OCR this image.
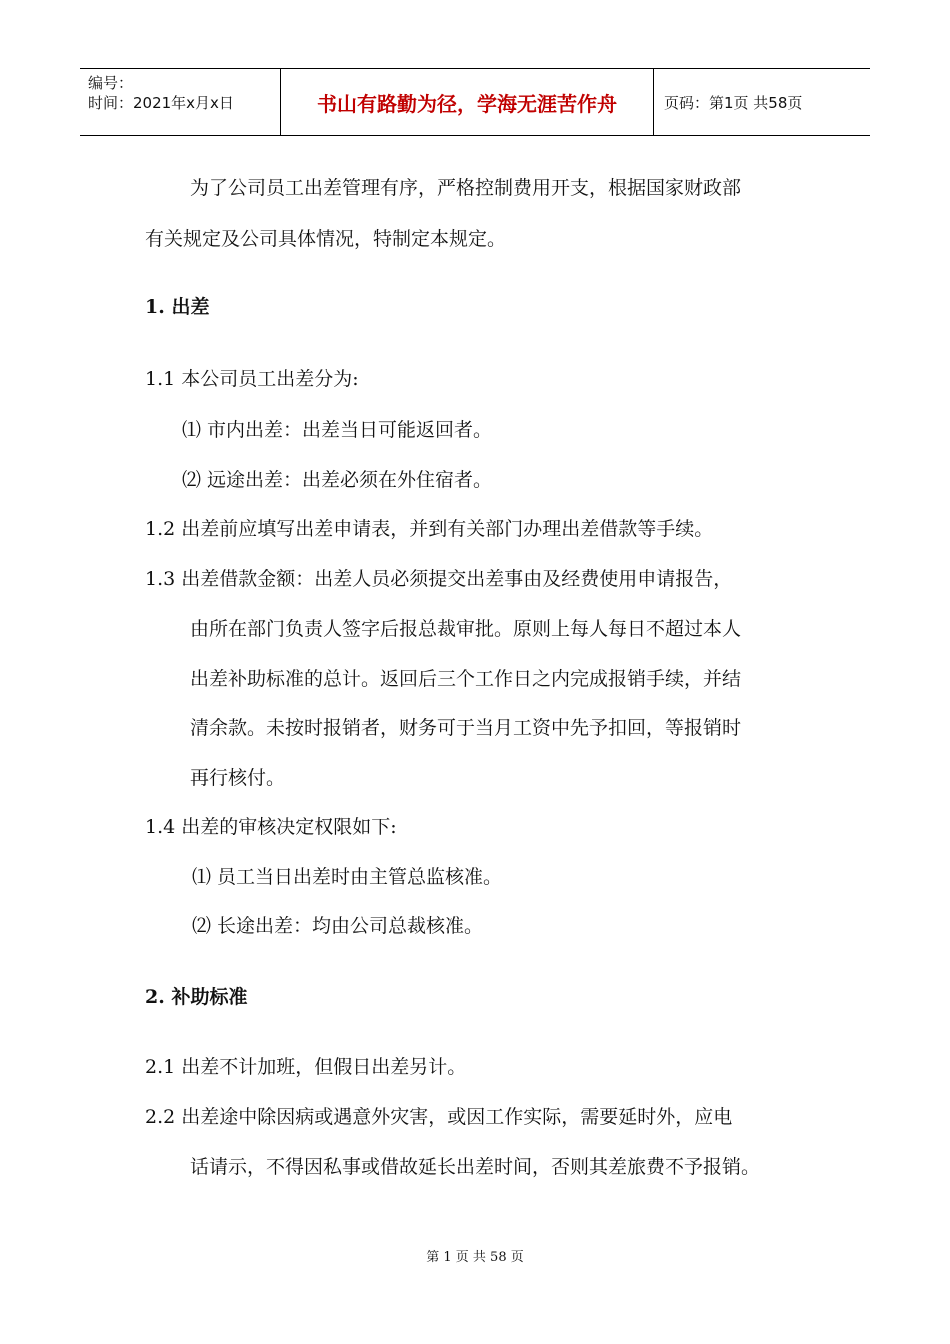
编号：
时间：2021年x月x日	书山有路勤为径，学海无涯苦作舟	页码：第1页 共58页
为了公司员工出差管理有序，严格控制费用开支，根据国家财政部
有关规定及公司具体情况，特制定本规定。
1. 出差
1.1 本公司员工出差分为:
⑴ 市内出差：出差当日可能返回者。
⑵ 远途出差：出差必须在外住宿者。
1.2 出差前应填写出差申请表，并到有关部门办理出差借款等手续。
1.3 出差借款金额：出差人员必须提交出差事由及经费使用申请报告，
由所在部门负责人签字后报总裁审批。原则上每人每日不超过本人
出差补助标准的总计。返回后三个工作日之内完成报销手续，并结
清余款。未按时报销者，财务可于当月工资中先予扣回，等报销时
再行核付。
1.4 出差的审核决定权限如下:
⑴ 员工当日出差时由主管总监核准。
⑵ 长途出差：均由公司总裁核准。
2. 补助标准
2.1 出差不计加班，但假日出差另计。
2.2 出差途中除因病或遇意外灾害，或因工作实际，需要延时外，应电
话请示，不得因私事或借故延长出差时间，否则其差旅费不予报销。
第 1 页 共 58 页
